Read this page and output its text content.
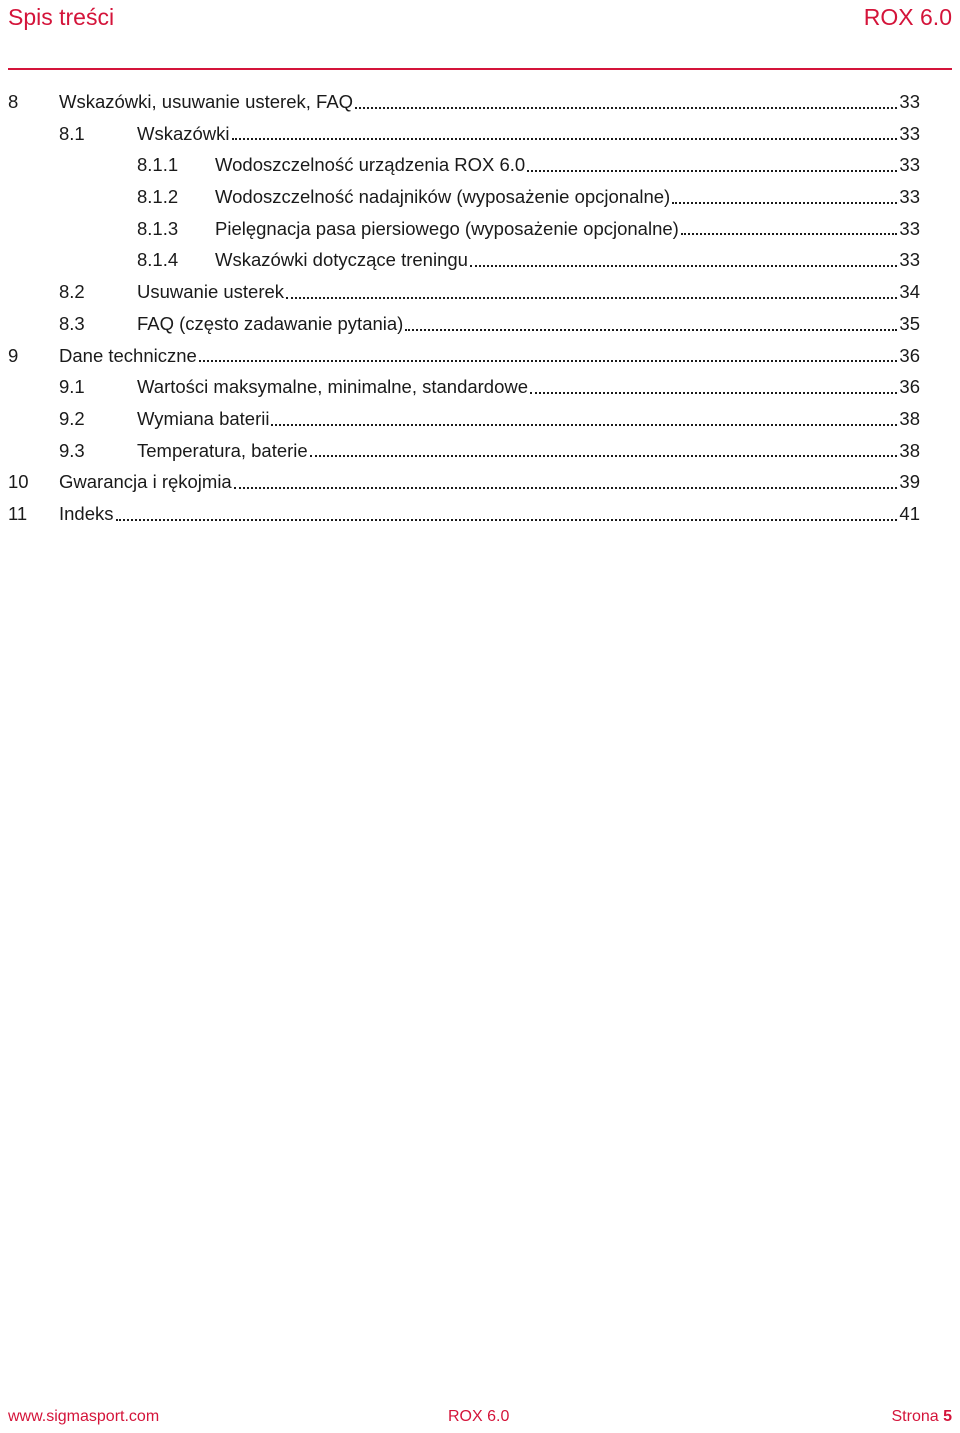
Spis treści	ROX 6.0
8 Wskazówki, usuwanie usterek, FAQ	33
8.1	Wskazówki	33
8.1.1 Wodoszczelność urządzenia ROX 6.0	33
8.1.2 Wodoszczelność nadajników (wyposażenie opcjonalne)	33
8.1.3 Pielęgnacja pasa piersiowego (wyposażenie opcjonalne)	33
8.1.4 Wskazówki dotyczące treningu	33
8.2	Usuwanie usterek	34
8.3	FAQ (często zadawanie pytania)	35
9 Dane techniczne	36
9.1	Wartości maksymalne, minimalne, standardowe	36
9.2	Wymiana baterii	38
9.3	Temperatura, baterie	38
10 Gwarancja i rękojmia	39
11 Indeks	41
www.sigmasport.com	ROX 6.0	Strona 5
